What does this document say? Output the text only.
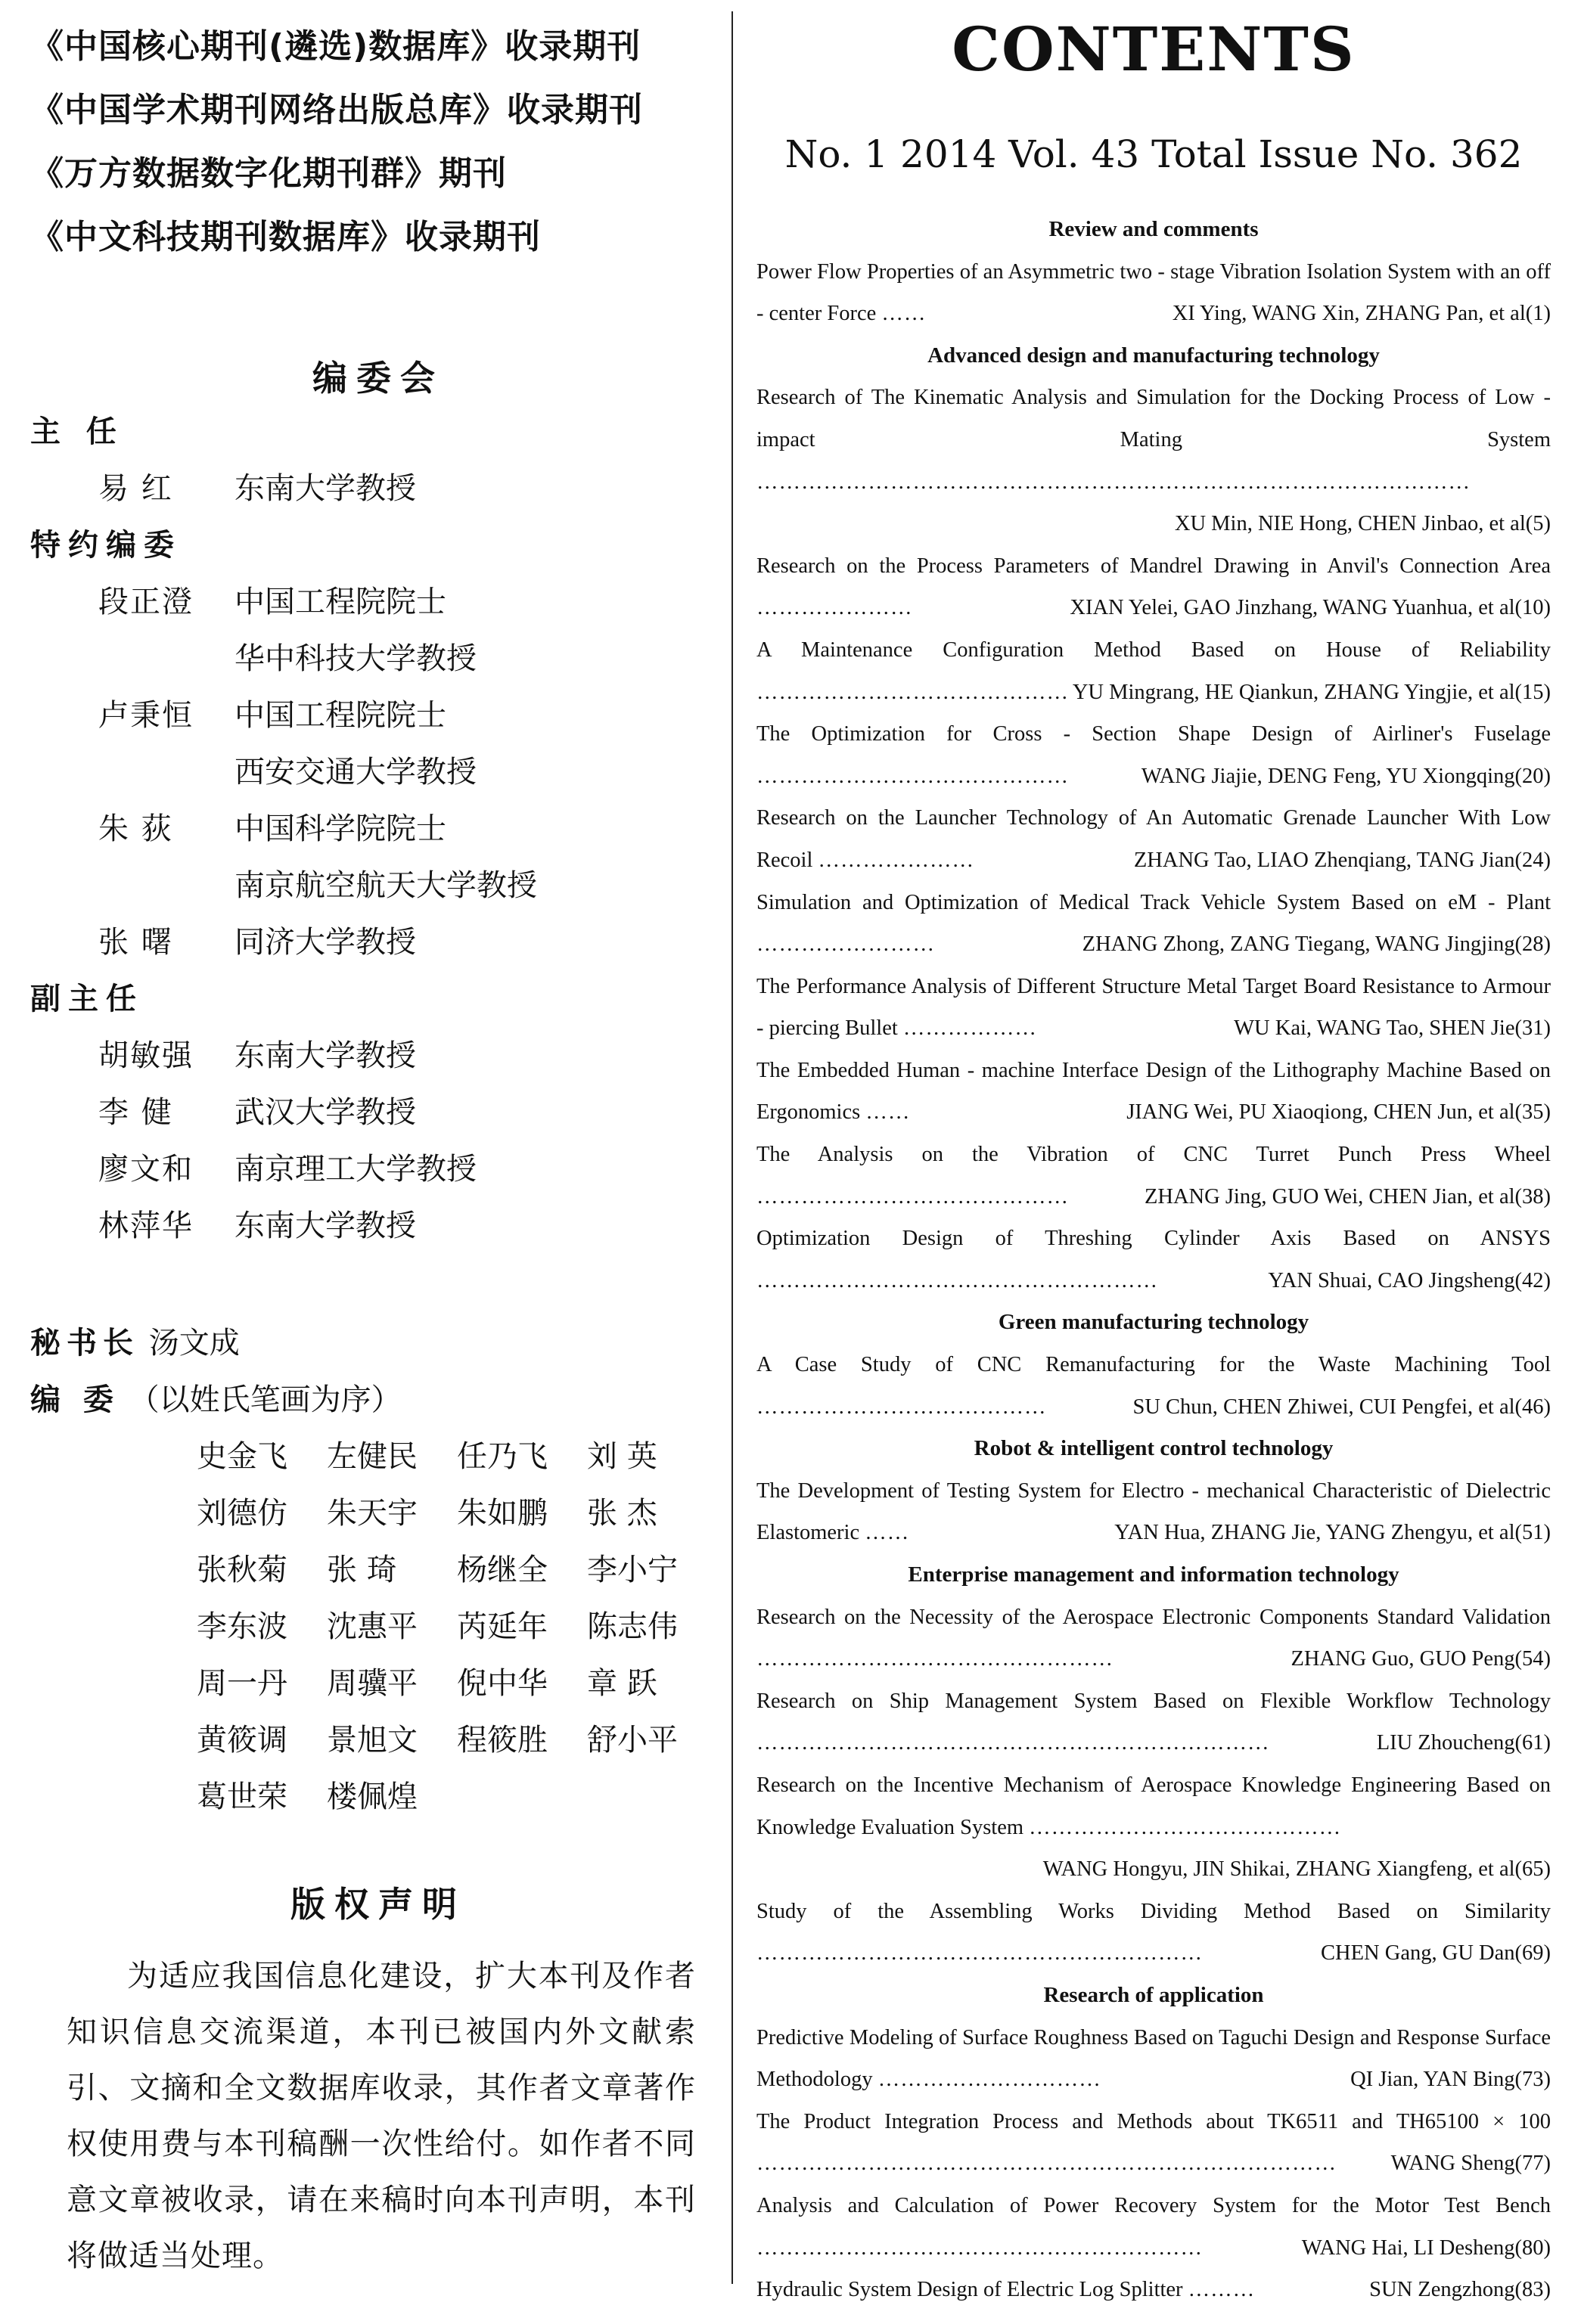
《中国核心期刊(遴选)数据库》收录期刊
《中国学术期刊网络出版总库》收录期刊
《万方数据数字化期刊群》期刊
《中文科技期刊数据库》收录期刊
编委会
主 任
易 红	东南大学教授
特约编委
段正澄	中国工程院院士
华中科技大学教授
卢秉恒	中国工程院院士
西安交通大学教授
朱 荻	中国科学院院士
南京航空航天大学教授
张 曙	同济大学教授
副主任
胡敏强	东南大学教授
李 健	武汉大学教授
廖文和	南京理工大学教授
林萍华	东南大学教授
秘书长 汤文成
编 委 （以姓氏笔画为序）
史金飞	左健民	任乃飞	刘 英
刘德仿	朱天宇	朱如鹏	张 杰
张秋菊	张 琦	杨继全	李小宁
李东波	沈惠平	芮延年	陈志伟
周一丹	周骥平	倪中华	章 跃
黄筱调	景旭文	程筱胜	舒小平
葛世荣	楼佩煌
版权声明
为适应我国信息化建设，扩大本刊及作者知识信息交流渠道，本刊已被国内外文献索引、文摘和全文数据库收录，其作者文章著作权使用费与本刊稿酬一次性给付。如作者不同意文章被收录，请在来稿时向本刊声明，本刊将做适当处理。
CONTENTS
No. 1 2014 Vol. 43 Total Issue No. 362
Review and comments
Power Flow Properties of an Asymmetric two - stage Vibration Isolation System with an off - center Force ……	XI Ying, WANG Xin, ZHANG Pan, et al(1)
Advanced design and manufacturing technology
Research of The Kinematic Analysis and Simulation for the Docking Process of Low - impact Mating System ……………………………………………………………………………………
XU Min, NIE Hong, CHEN Jinbao, et al(5)
Research on the Process Parameters of Mandrel Drawing in Anvil's Connection Area …………………	XIAN Yelei, GAO Jinzhang, WANG Yuanhua, et al(10)
A Maintenance Configuration Method Based on House of Reliability …………………………………… YU Mingrang, HE Qiankun, ZHANG Yingjie, et al(15)
The Optimization for Cross - Section Shape Design of Airliner's Fuselage ……………………………………	WANG Jiajie, DENG Feng, YU Xiongqing(20)
Research on the Launcher Technology of An Automatic Grenade Launcher With Low Recoil …………………	ZHANG Tao, LIAO Zhenqiang, TANG Jian(24)
Simulation and Optimization of Medical Track Vehicle System Based on eM - Plant ……………………	ZHANG Zhong, ZANG Tiegang, WANG Jingjing(28)
The Performance Analysis of Different Structure Metal Target Board Resistance to Armour - piercing Bullet ………………	WU Kai, WANG Tao, SHEN Jie(31)
The Embedded Human - machine Interface Design of the Lithography Machine Based on Ergonomics ……	JIANG Wei, PU Xiaoqiong, CHEN Jun, et al(35)
The Analysis on the Vibration of CNC Turret Punch Press Wheel ……………………………………	ZHANG Jing, GUO Wei, CHEN Jian, et al(38)
Optimization Design of Threshing Cylinder Axis Based on ANSYS ………………………………………………	YAN Shuai, CAO Jingsheng(42)
Green manufacturing technology
A Case Study of CNC Remanufacturing for the Waste Machining Tool …………………………………	SU Chun, CHEN Zhiwei, CUI Pengfei, et al(46)
Robot & intelligent control technology
The Development of Testing System for Electro - mechanical Characteristic of Dielectric Elastomeric ……	YAN Hua, ZHANG Jie, YANG Zhengyu, et al(51)
Enterprise management and information technology
Research on the Necessity of the Aerospace Electronic Components Standard Validation …………………………………………	ZHANG Guo, GUO Peng(54)
Research on Ship Management System Based on Flexible Workflow Technology ……………………………………………………………	LIU Zhoucheng(61)
Research on the Incentive Mechanism of Aerospace Knowledge Engineering Based on Knowledge Evaluation System ……………………………………
WANG Hongyu, JIN Shikai, ZHANG Xiangfeng, et al(65)
Study of the Assembling Works Dividing Method Based on Similarity ……………………………………………………	CHEN Gang, GU Dan(69)
Research of application
Predictive Modeling of Surface Roughness Based on Taguchi Design and Response Surface Methodology …………………………	QI Jian, YAN Bing(73)
The Product Integration Process and Methods about TK6511 and TH65100 × 100 ……………………………………………………………………	WANG Sheng(77)
Analysis and Calculation of Power Recovery System for the Motor Test Bench ……………………………………………………	WANG Hai, LI Desheng(80)
Hydraulic System Design of Electric Log Splitter ………	SUN Zengzhong(83)
